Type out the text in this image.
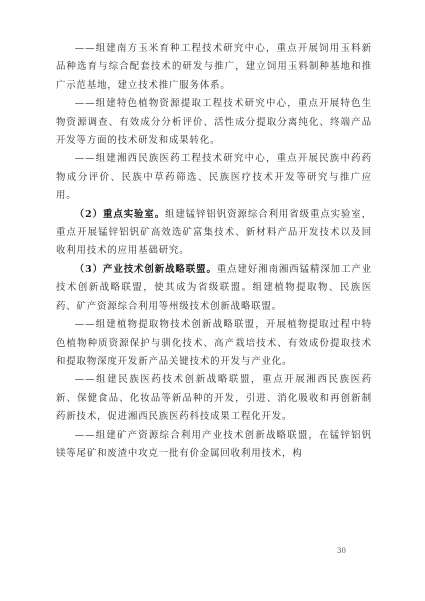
——组建南方玉米育种工程技术研究中心，重点开展饲用玉料新品种选育与综合配套技术的研发与推广，建立饲用玉料制种基地和推广示范基地，建立技术推广服务体系。

——组建特色植物资源提取工程技术研究中心，重点开展特色生物资源调查、有效成分分析评价、活性成分提取分离纯化、终端产品开发等方面的技术研发和成果转化。

——组建湘西民族医药工程技术研究中心，重点开展民族中药药物成分评价、民族中草药筛选、民族医疗技术开发等研究与推广应用。

（2）重点实验室。组建锰锌铝钒资源综合利用省级重点实验室，重点开展锰锌铝钒矿高效选矿富集技术、新材料产品开发技术以及回收利用技术的应用基础研究。

（3）产业技术创新战略联盟。重点建好湘南湘西锰精深加工产业技术创新战略联盟，使其成为省级联盟。组建植物提取物、民族医药、矿产资源综合利用等州级技术创新战略联盟。

——组建植物提取物技术创新战略联盟，开展植物提取过程中特色植物种质资源保护与驯化技术、高产栽培技术、有效成份提取技术和提取物深度开发新产品关键技术的开发与产业化。

——组建民族医药技术创新战略联盟，重点开展湘西民族医药新、保健食品、化妆品等新品种的开发，引进、消化吸收和再创新制药新技术，促进湘西民族医药科技成果工程化开发。

——组建矿产资源综合利用产业技术创新战略联盟，在锰锌铝钒镁等尾矿和废渣中攻克一批有价金属回收利用技术，构

30
